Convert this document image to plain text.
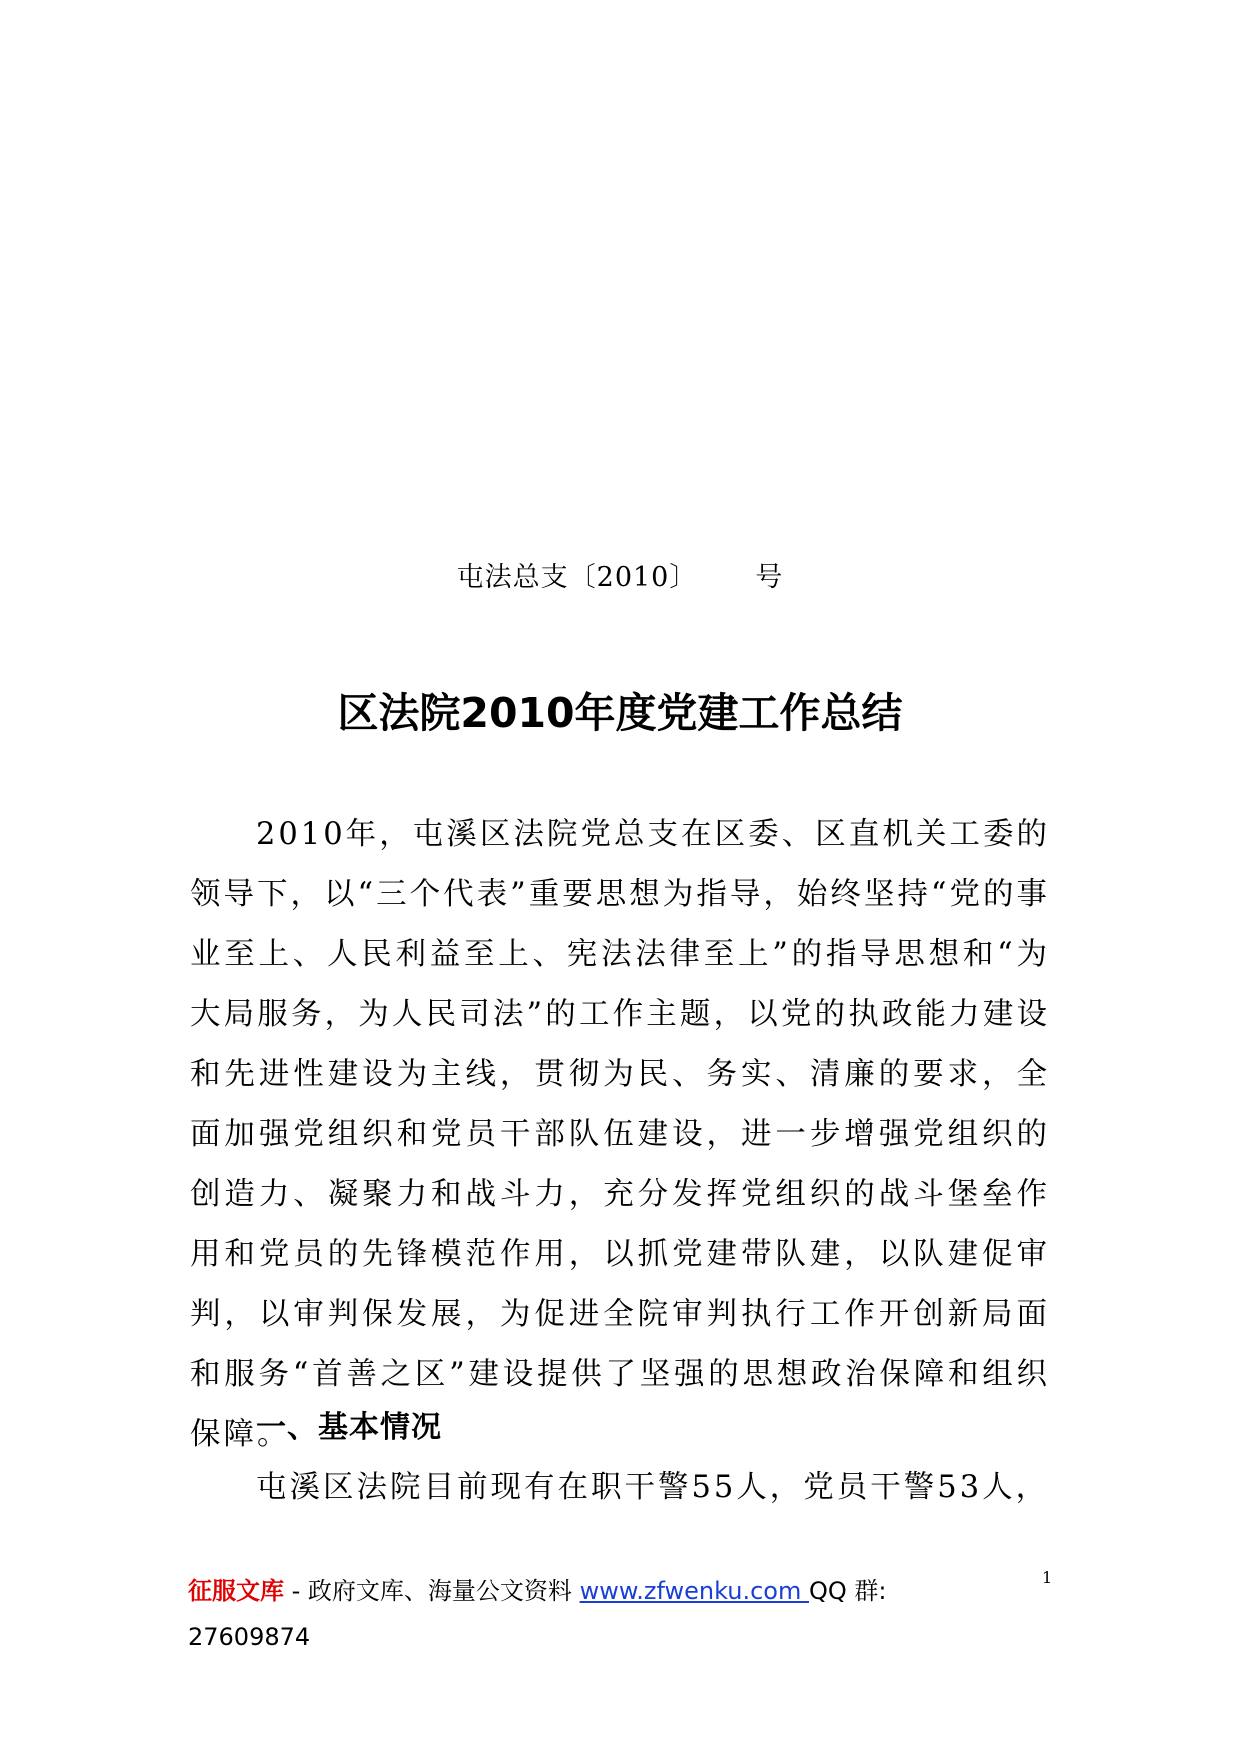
屯法总支〔2010〕 号
区法院2010年度党建工作总结
2010年，屯溪区法院党总支在区委、区直机关工委的领导下，以“三个代表”重要思想为指导，始终坚持“党的事业至上、人民利益至上、宪法法律至上”的指导思想和“为大局服务，为人民司法”的工作主题，以党的执政能力建设和先进性建设为主线，贯彻为民、务实、清廉的要求，全面加强党组织和党员干部队伍建设，进一步增强党组织的创造力、凝聚力和战斗力，充分发挥党组织的战斗堡垒作用和党员的先锋模范作用，以抓党建带队建，以队建促审判，以审判保发展，为促进全院审判执行工作开创新局面和服务“首善之区”建设提供了坚强的思想政治保障和组织保障。
一、基本情况
屯溪区法院目前现有在职干警55人，党员干警53人，
征服文库 - 政府文库、海量公文资料 www.zfwenku.com QQ 群:
27609874
1
